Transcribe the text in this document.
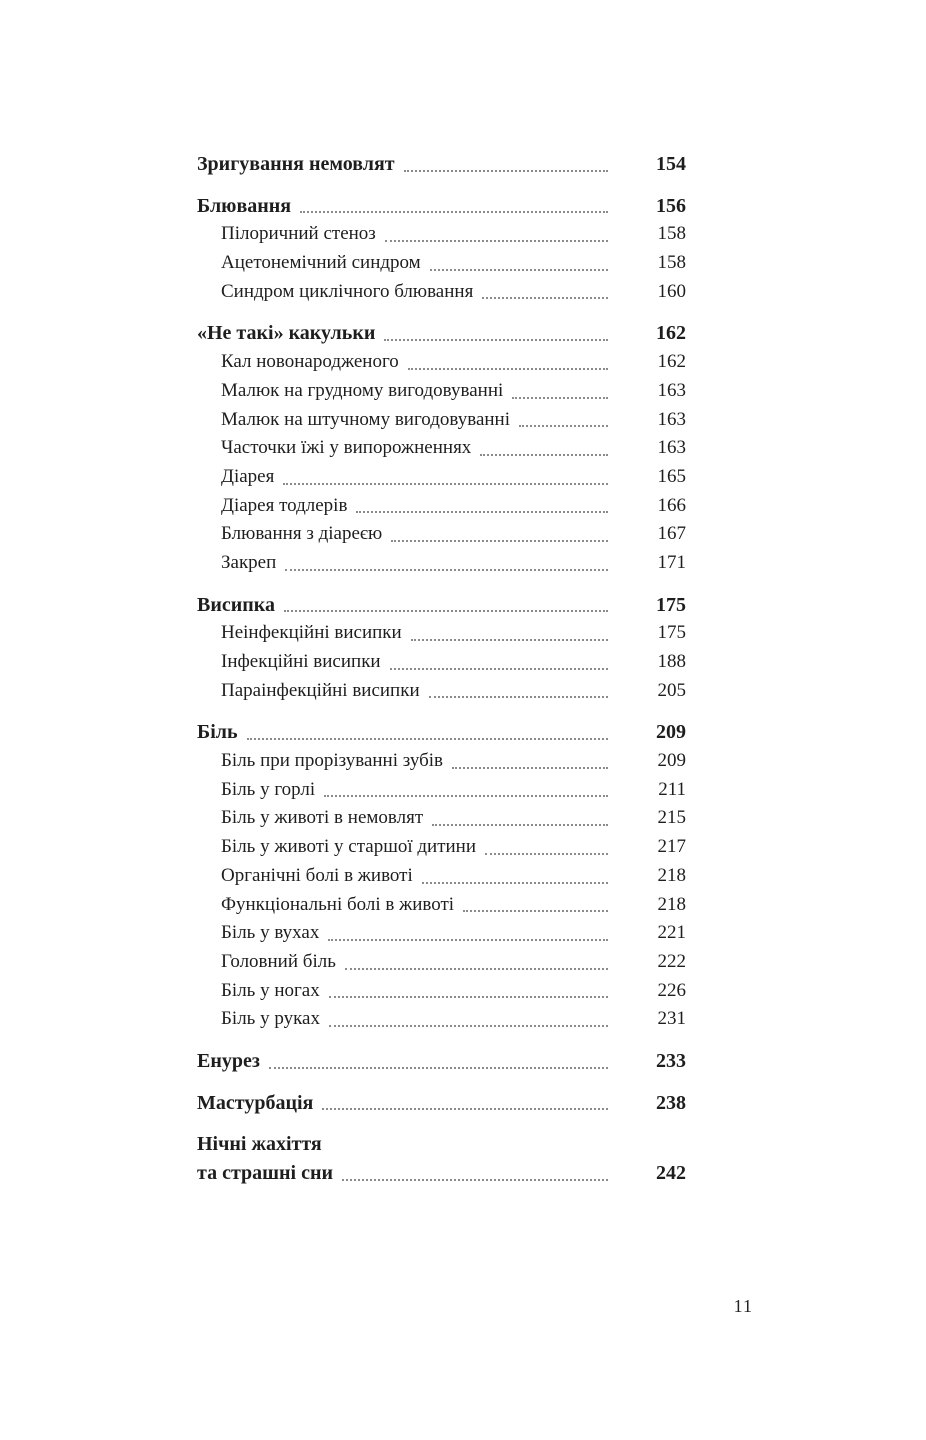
Зригування немовлят	154
Блювання	156
Пілоричний стеноз	158
Ацетонемічний синдром	158
Синдром циклічного блювання	160
«Не такі» какульки	162
Кал новонародженого	162
Малюк на грудному вигодовуванні	163
Малюк на штучному вигодовуванні	163
Часточки їжі у випорожненнях	163
Діарея	165
Діарея тодлерів	166
Блювання з діареєю	167
Закреп	171
Висипка	175
Неінфекційні висипки	175
Інфекційні висипки	188
Параінфекційні висипки	205
Біль	209
Біль при прорізуванні зубів	209
Біль у горлі	211
Біль у животі в немовлят	215
Біль у животі у старшої дитини	217
Органічні болі в животі	218
Функціональні болі в животі	218
Біль у вухах	221
Головний біль	222
Біль у ногах	226
Біль у руках	231
Енурез	233
Мастурбація	238
Нічні жахіття
та страшні сни	242
11
